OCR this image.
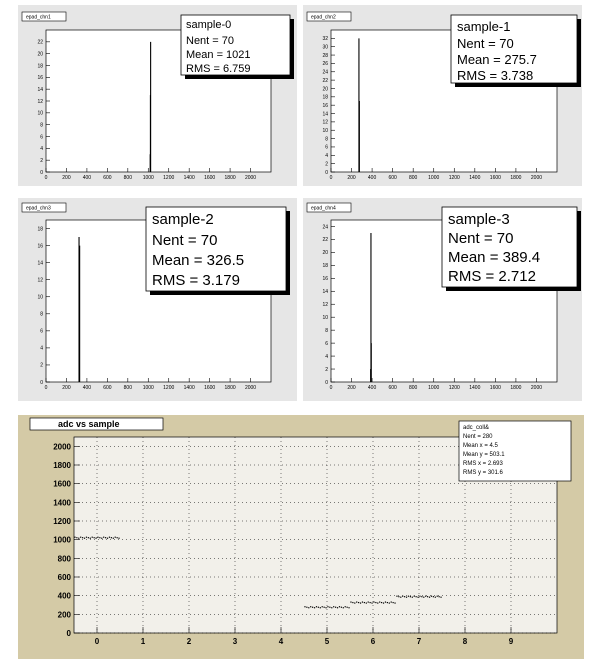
epad_chn1
0
2
4
6
8
10
12
14
16
18
20
22
0	200 400 600 800 1000 1200 1400 1600 1800 2000
sample-0
Nent = 70
Mean = 1021
RMS = 6.759
epad_chn2
0
2
4
6
8
10
12
14
16
18
20
22
24
26
28
30
32
0	200 400 600 800 1000 1200 1400 1600 1800 2000
sample-1
Nent = 70
Mean = 275.7
RMS = 3.738
epad_chn3
0
2
4
6
8
10
12
14
16
18
0	200 400 600 800 1000 1200 1400 1600 1800 2000
sample-2
Nent = 70
Mean = 326.5
RMS = 3.179
epad_chn4
0
2
4
6
8
10
12
14
16
18
20
22
24
0	200 400 600 800 1000 1200 1400 1600 1800 2000
sample-3
Nent = 70
Mean = 389.4
RMS = 2.712
adc vs sample
0
200
400
600
800
1000
1200
1400
1600
1800
2000
0	1	2	3	4	5	6	7	8	9
adc_coll&
Nent = 280
Mean x = 4.5
Mean y = 503.1
RMS x = 2.693
RMS y = 301.6
